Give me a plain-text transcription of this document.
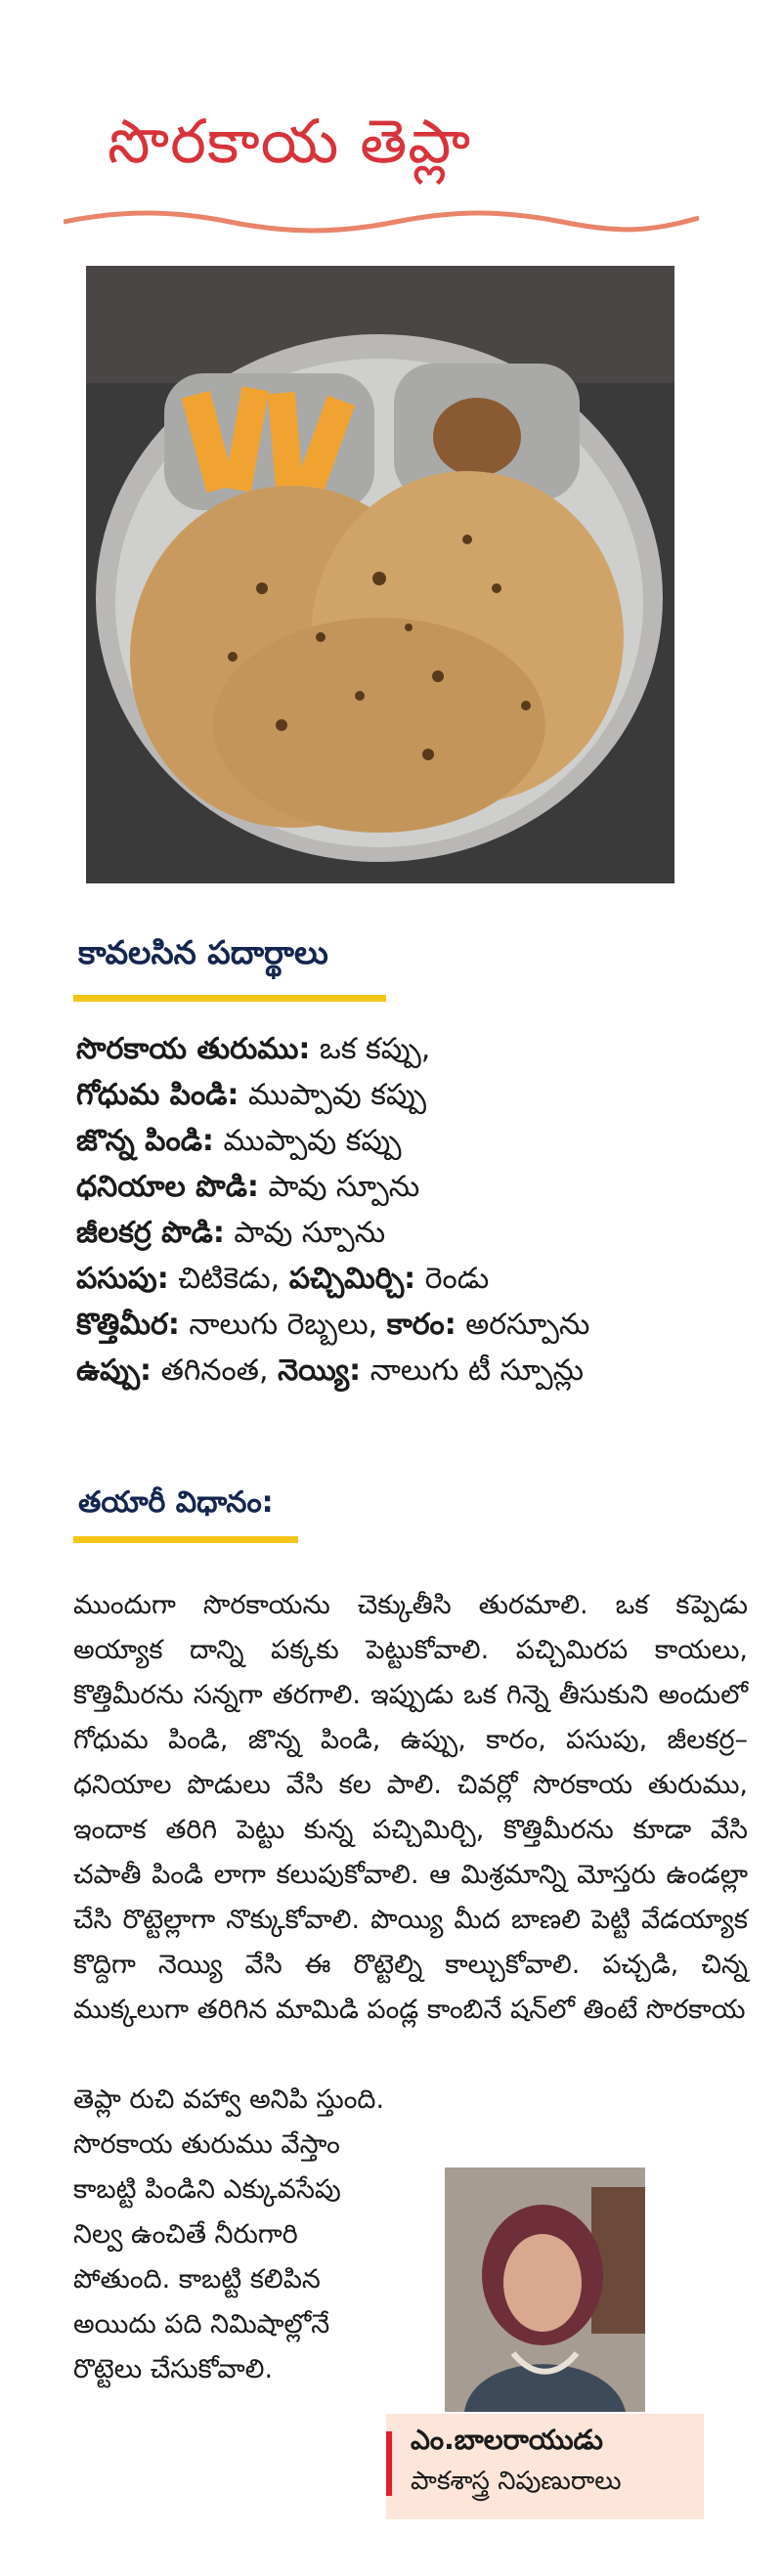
సొరకాయ తెప్లా
కావలసిన పదార్థాలు
సొరకాయ తురుము: ఒక కప్పు,
గోధుమ పిండి: ముప్పావు కప్పు
జొన్న పిండి: ముప్పావు కప్పు
ధనియాల పొడి: పావు స్పూను
జీలకర్ర పొడి: పావు స్పూను
పసుపు: చిటికెడు, పచ్చిమిర్చి: రెండు
కొత్తిమీర: నాలుగు రెబ్బలు, కారం: అరస్పూను
ఉప్పు: తగినంత, నెయ్యి: నాలుగు టీ స్పూన్లు
తయారీ విధానం:
ముందుగా సొరకాయను చెక్కుతీసి తురమాలి. ఒక కప్పెడు అయ్యాక దాన్ని పక్కకు పెట్టుకోవాలి. పచ్చిమిరప కాయలు, కొత్తిమీరను సన్నగా తరగాలి. ఇప్పుడు ఒక గిన్నె తీసుకుని అందులో గోధుమ పిండి, జొన్న పిండి, ఉప్పు, కారం, పసుపు, జీలకర్ర–ధనియాల పొడులు వేసి కల పాలి. చివర్లో సొరకాయ తురుము, ఇందాక తరిగి పెట్టు కున్న పచ్చిమిర్చి, కొత్తిమీరను కూడా వేసి చపాతీ పిండి లాగా కలుపుకోవాలి. ఆ మిశ్రమాన్ని మోస్తరు ఉండల్లా చేసి రొట్టెల్లాగా నొక్కుకోవాలి. పొయ్యి మీద బాణలి పెట్టి వేడయ్యాక కొద్దిగా నెయ్యి వేసి ఈ రొట్టెల్ని కాల్చుకోవాలి. పచ్చడి, చిన్న ముక్కలుగా తరిగిన మామిడి పండ్ల కాంబినే షన్‌లో తింటే సొరకాయ
తెప్లా రుచి వహ్వా అనిపి స్తుంది. సొరకాయ తురుము వేస్తాం కాబట్టి పిండిని ఎక్కువసేపు నిల్వ ఉంచితే నీరుగారి పోతుంది. కాబట్టి కలిపిన అయిదు పది నిమిషాల్లోనే రొట్టెలు చేసుకోవాలి.
ఎం.బాలరాయుడు
పాకశాస్త్ర నిపుణురాలు
